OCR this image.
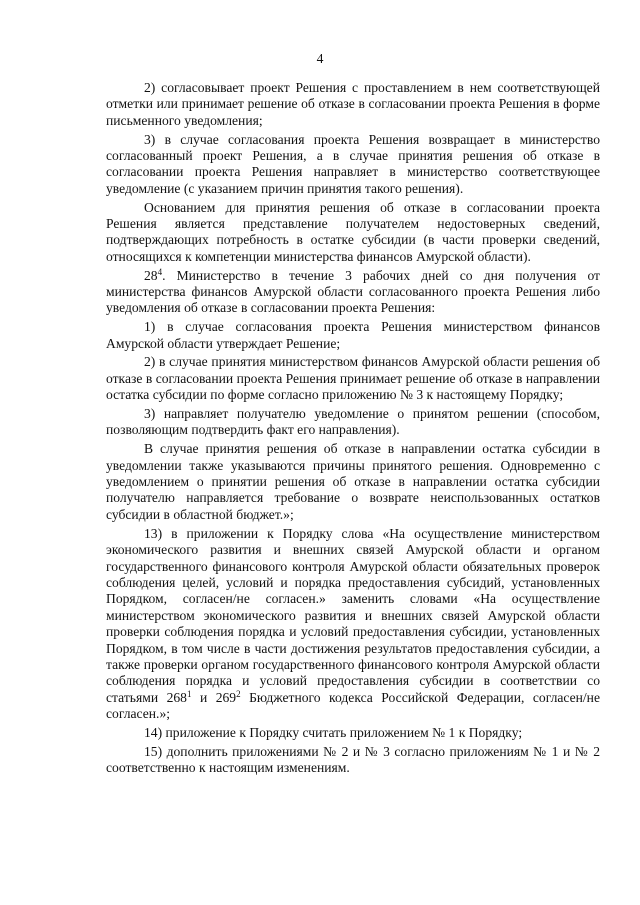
4

2) согласовывает проект Решения с проставлением в нем соответствующей отметки или принимает решение об отказе в согласовании проекта Решения в форме письменного уведомления;

3) в случае согласования проекта Решения возвращает в министерство согласованный проект Решения, а в случае принятия решения об отказе в согласовании проекта Решения направляет в министерство соответствующее уведомление (с указанием причин принятия такого решения).

Основанием для принятия решения об отказе в согласовании проекта Решения является представление получателем недостоверных сведений, подтверждающих потребность в остатке субсидии (в части проверки сведений, относящихся к компетенции министерства финансов Амурской области).

$28^4$. Министерство в течение 3 рабочих дней со дня получения от министерства финансов Амурской области согласованного проекта Решения либо уведомления об отказе в согласовании проекта Решения:

1) в случае согласования проекта Решения министерством финансов Амурской области утверждает Решение;

2) в случае принятия министерством финансов Амурской области решения об отказе в согласовании проекта Решения принимает решение об отказе в направлении остатка субсидии по форме согласно приложению № 3 к настоящему Порядку;

3) направляет получателю уведомление о принятом решении (способом, позволяющим подтвердить факт его направления).

В случае принятия решения об отказе в направлении остатка субсидии в уведомлении также указываются причины принятого решения. Одновременно с уведомлением о принятии решения об отказе в направлении остатка субсидии получателю направляется требование о возврате неиспользованных остатков субсидии в областной бюджет.»;

13) в приложении к Порядку слова «На осуществление министерством экономического развития и внешних связей Амурской области и органом государственного финансового контроля Амурской области обязательных проверок соблюдения целей, условий и порядка предоставления субсидий, установленных Порядком, согласен/не согласен.» заменить словами «На осуществление министерством экономического развития и внешних связей Амурской области проверки соблюдения порядка и условий предоставления субсидии, установленных Порядком, в том числе в части достижения результатов предоставления субсидии, а также проверки органом государственного финансового контроля Амурской области соблюдения порядка и условий предоставления субсидии в соответствии со статьями $268^1$ и $269^2$ Бюджетного кодекса Российской Федерации, согласен/не согласен.»;

14) приложение к Порядку считать приложением № 1 к Порядку;

15) дополнить приложениями № 2 и № 3 согласно приложениям № 1 и № 2 соответственно к настоящим изменениям.
